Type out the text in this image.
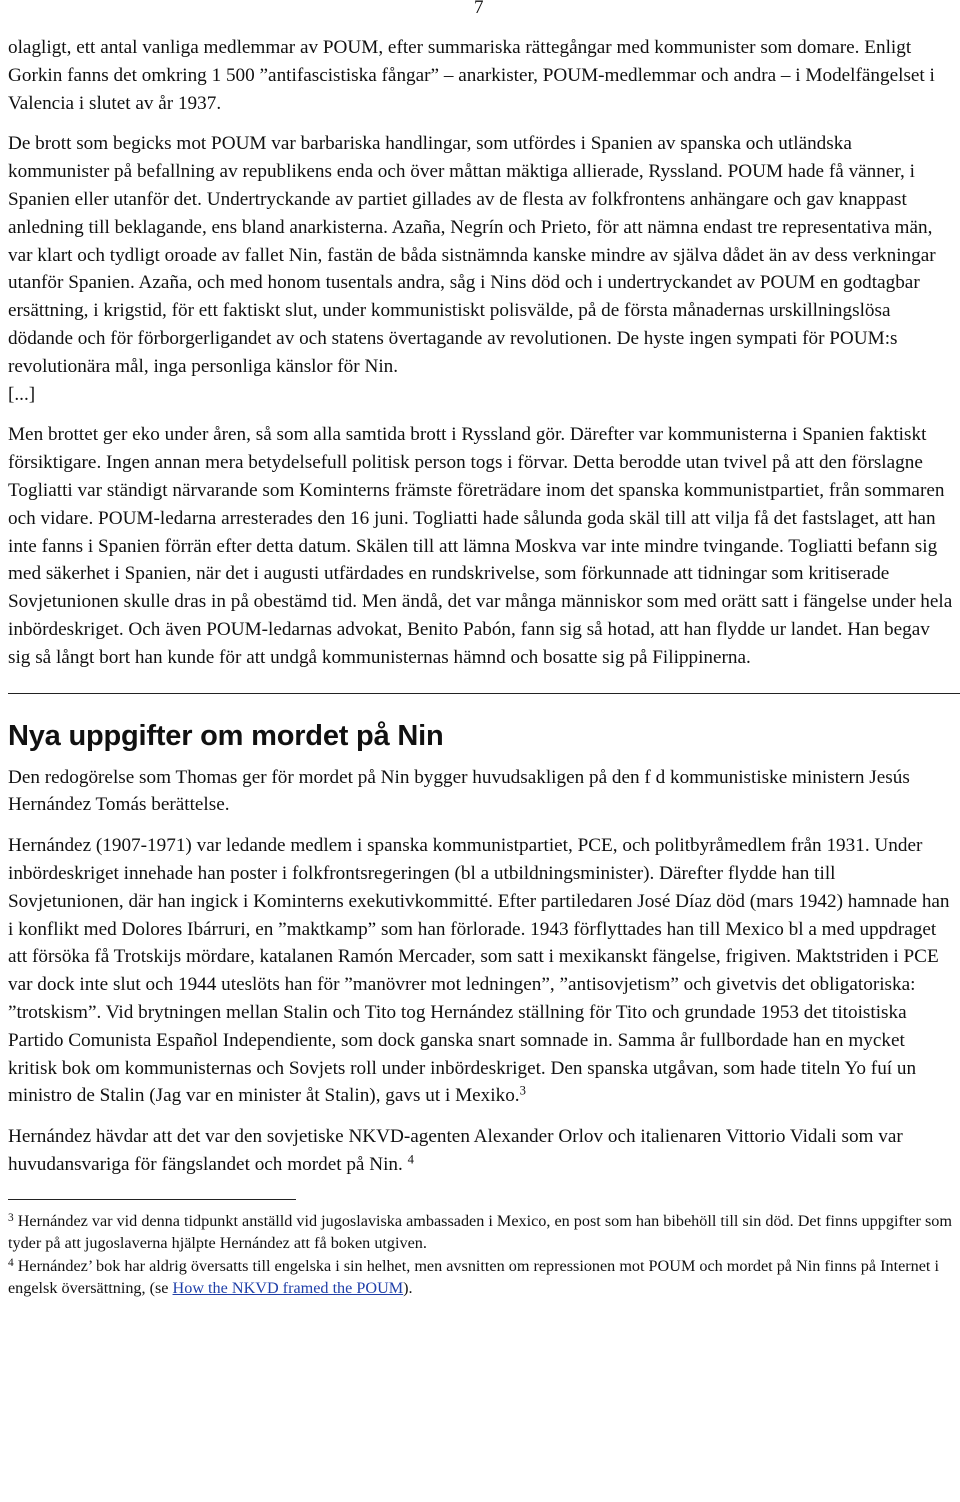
7

olagligt, ett antal vanliga medlemmar av POUM, efter summariska rättegångar med kommunister som domare. Enligt Gorkin fanns det omkring 1 500 ”antifascistiska fångar” – anarkister, POUM-medlemmar och andra – i Modelfängelset i Valencia i slutet av år 1937.

De brott som begicks mot POUM var barbariska handlingar, som utfördes i Spanien av spanska och utländska kommunister på befallning av republikens enda och över måttan mäktiga allierade, Ryssland. POUM hade få vänner, i Spanien eller utanför det. Undertryckande av partiet gillades av de flesta av folkfrontens anhängare och gav knappast anledning till beklagande, ens bland anarkisterna. Azaña, Negrín och Prieto, för att nämna endast tre representativa män, var klart och tydligt oroade av fallet Nin, fastän de båda sistnämnda kanske mindre av själva dådet än av dess verkningar utanför Spanien. Azaña, och med honom tusentals andra, såg i Nins död och i undertryckandet av POUM en godtagbar ersättning, i krigstid, för ett faktiskt slut, under kommunistiskt polisvälde, på de första månadernas urskillningslösa dödande och för förborgerligandet av och statens övertagande av revolutionen. De hyste ingen sympati för POUM:s revolutionära mål, inga personliga känslor för Nin.

[...]

Men brottet ger eko under åren, så som alla samtida brott i Ryssland gör. Därefter var kommunisterna i Spanien faktiskt försiktigare. Ingen annan mera betydelsefull politisk person togs i förvar. Detta berodde utan tvivel på att den förslagne Togliatti var ständigt närvarande som Kominterns främste företrädare inom det spanska kommunistpartiet, från sommaren och vidare. POUM-ledarna arresterades den 16 juni. Togliatti hade sålunda goda skäl till att vilja få det fastslaget, att han inte fanns i Spanien förrän efter detta datum. Skälen till att lämna Moskva var inte mindre tvingande. Togliatti befann sig med säkerhet i Spanien, när det i augusti utfärdades en rundskrivelse, som förkunnade att tidningar som kritiserade Sovjetunionen skulle dras in på obestämd tid. Men ändå, det var många människor som med orätt satt i fängelse under hela inbördeskriget. Och även POUM-ledarnas advokat, Benito Pabón, fann sig så hotad, att han flydde ur landet. Han begav sig så långt bort han kunde för att undgå kommunisternas hämnd och bosatte sig på Filippinerna.

Nya uppgifter om mordet på Nin

Den redogörelse som Thomas ger för mordet på Nin bygger huvudsakligen på den f d kommunistiske ministern Jesús Hernández Tomás berättelse.

Hernández (1907-1971) var ledande medlem i spanska kommunistpartiet, PCE, och politbyråmedlem från 1931. Under inbördeskriget innehade han poster i folkfrontsregeringen (bl a utbildningsminister). Därefter flydde han till Sovjetunionen, där han ingick i Kominterns exekutivkommitté. Efter partiledaren José Díaz död (mars 1942) hamnade han i konflikt med Dolores Ibárruri, en ”maktkamp” som han förlorade. 1943 förflyttades han till Mexico bl a med uppdraget att försöka få Trotskijs mördare, katalanen Ramón Mercader, som satt i mexikanskt fängelse, frigiven. Maktstriden i PCE var dock inte slut och 1944 uteslöts han för ”manövrer mot ledningen”, ”antisovjetism” och givetvis det obligatoriska: ”trotskism”. Vid brytningen mellan Stalin och Tito tog Hernández ställning för Tito och grundade 1953 det titoistiska Partido Comunista Español Independiente, som dock ganska snart somnade in. Samma år fullbordade han en mycket kritisk bok om kommunisternas och Sovjets roll under inbördeskriget. Den spanska utgåvan, som hade titeln Yo fuí un ministro de Stalin (Jag var en minister åt Stalin), gavs ut i Mexiko.$^3$

Hernández hävdar att det var den sovjetiske NKVD-agenten Alexander Orlov och italienaren Vittorio Vidali som var huvudansvariga för fängslandet och mordet på Nin. $^4$

$^3$ Hernández var vid denna tidpunkt anställd vid jugoslaviska ambassaden i Mexico, en post som han bibehöll till sin död. Det finns uppgifter som tyder på att jugoslaverna hjälpte Hernández att få boken utgiven.

$^4$ Hernández’ bok har aldrig översatts till engelska i sin helhet, men avsnitten om repressionen mot POUM och mordet på Nin finns på Internet i engelsk översättning, (se How the NKVD framed the POUM).
